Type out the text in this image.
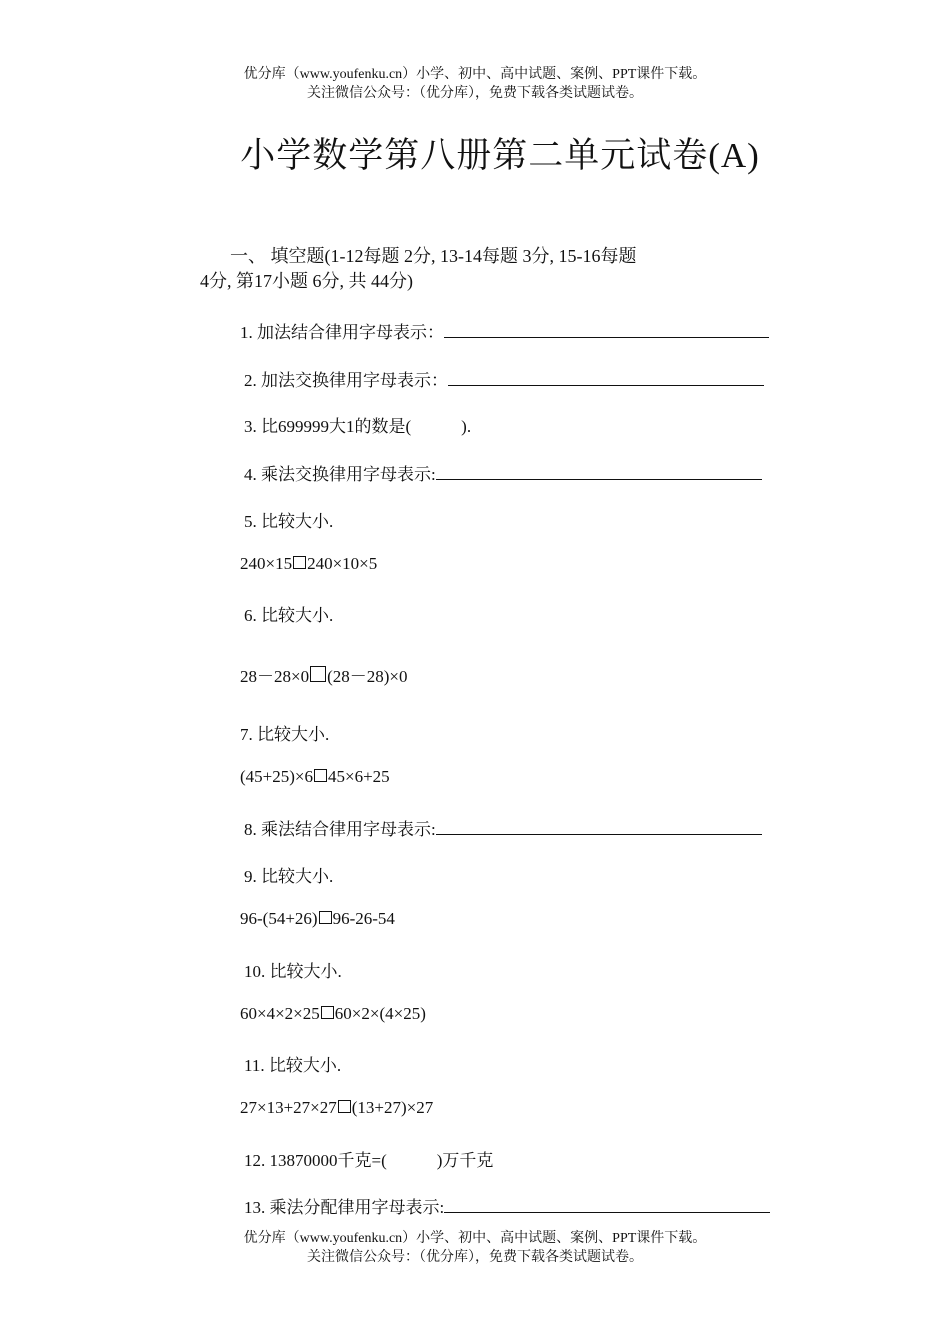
优分库（www.youfenku.cn）小学、初中、高中试题、案例、PPT课件下载。
关注微信公众号：（优分库），免费下载各类试题试卷。
小学数学第八册第二单元试卷(A)
一、 填空题(1-12每题 2分, 13-14每题 3分, 15-16每题
4分, 第17小题 6分, 共 44分)
1. 加法结合律用字母表示：
2. 加法交换律用字母表示：
3. 比699999大1的数是(	).
4. 乘法交换律用字母表示:
5. 比较大小.
240×15 240×10×5
6. 比较大小.
28－28×0 (28－28)×0
7. 比较大小.
(45+25)×6 45×6+25
8. 乘法结合律用字母表示:
9. 比较大小.
96-(54+26) 96-26-54
10. 比较大小.
60×4×2×25 60×2×(4×25)
11. 比较大小.
27×13+27×27 (13+27)×27
12. 13870000千克=(	)万千克
13. 乘法分配律用字母表示:
优分库（www.youfenku.cn）小学、初中、高中试题、案例、PPT课件下载。
关注微信公众号：（优分库），免费下载各类试题试卷。
